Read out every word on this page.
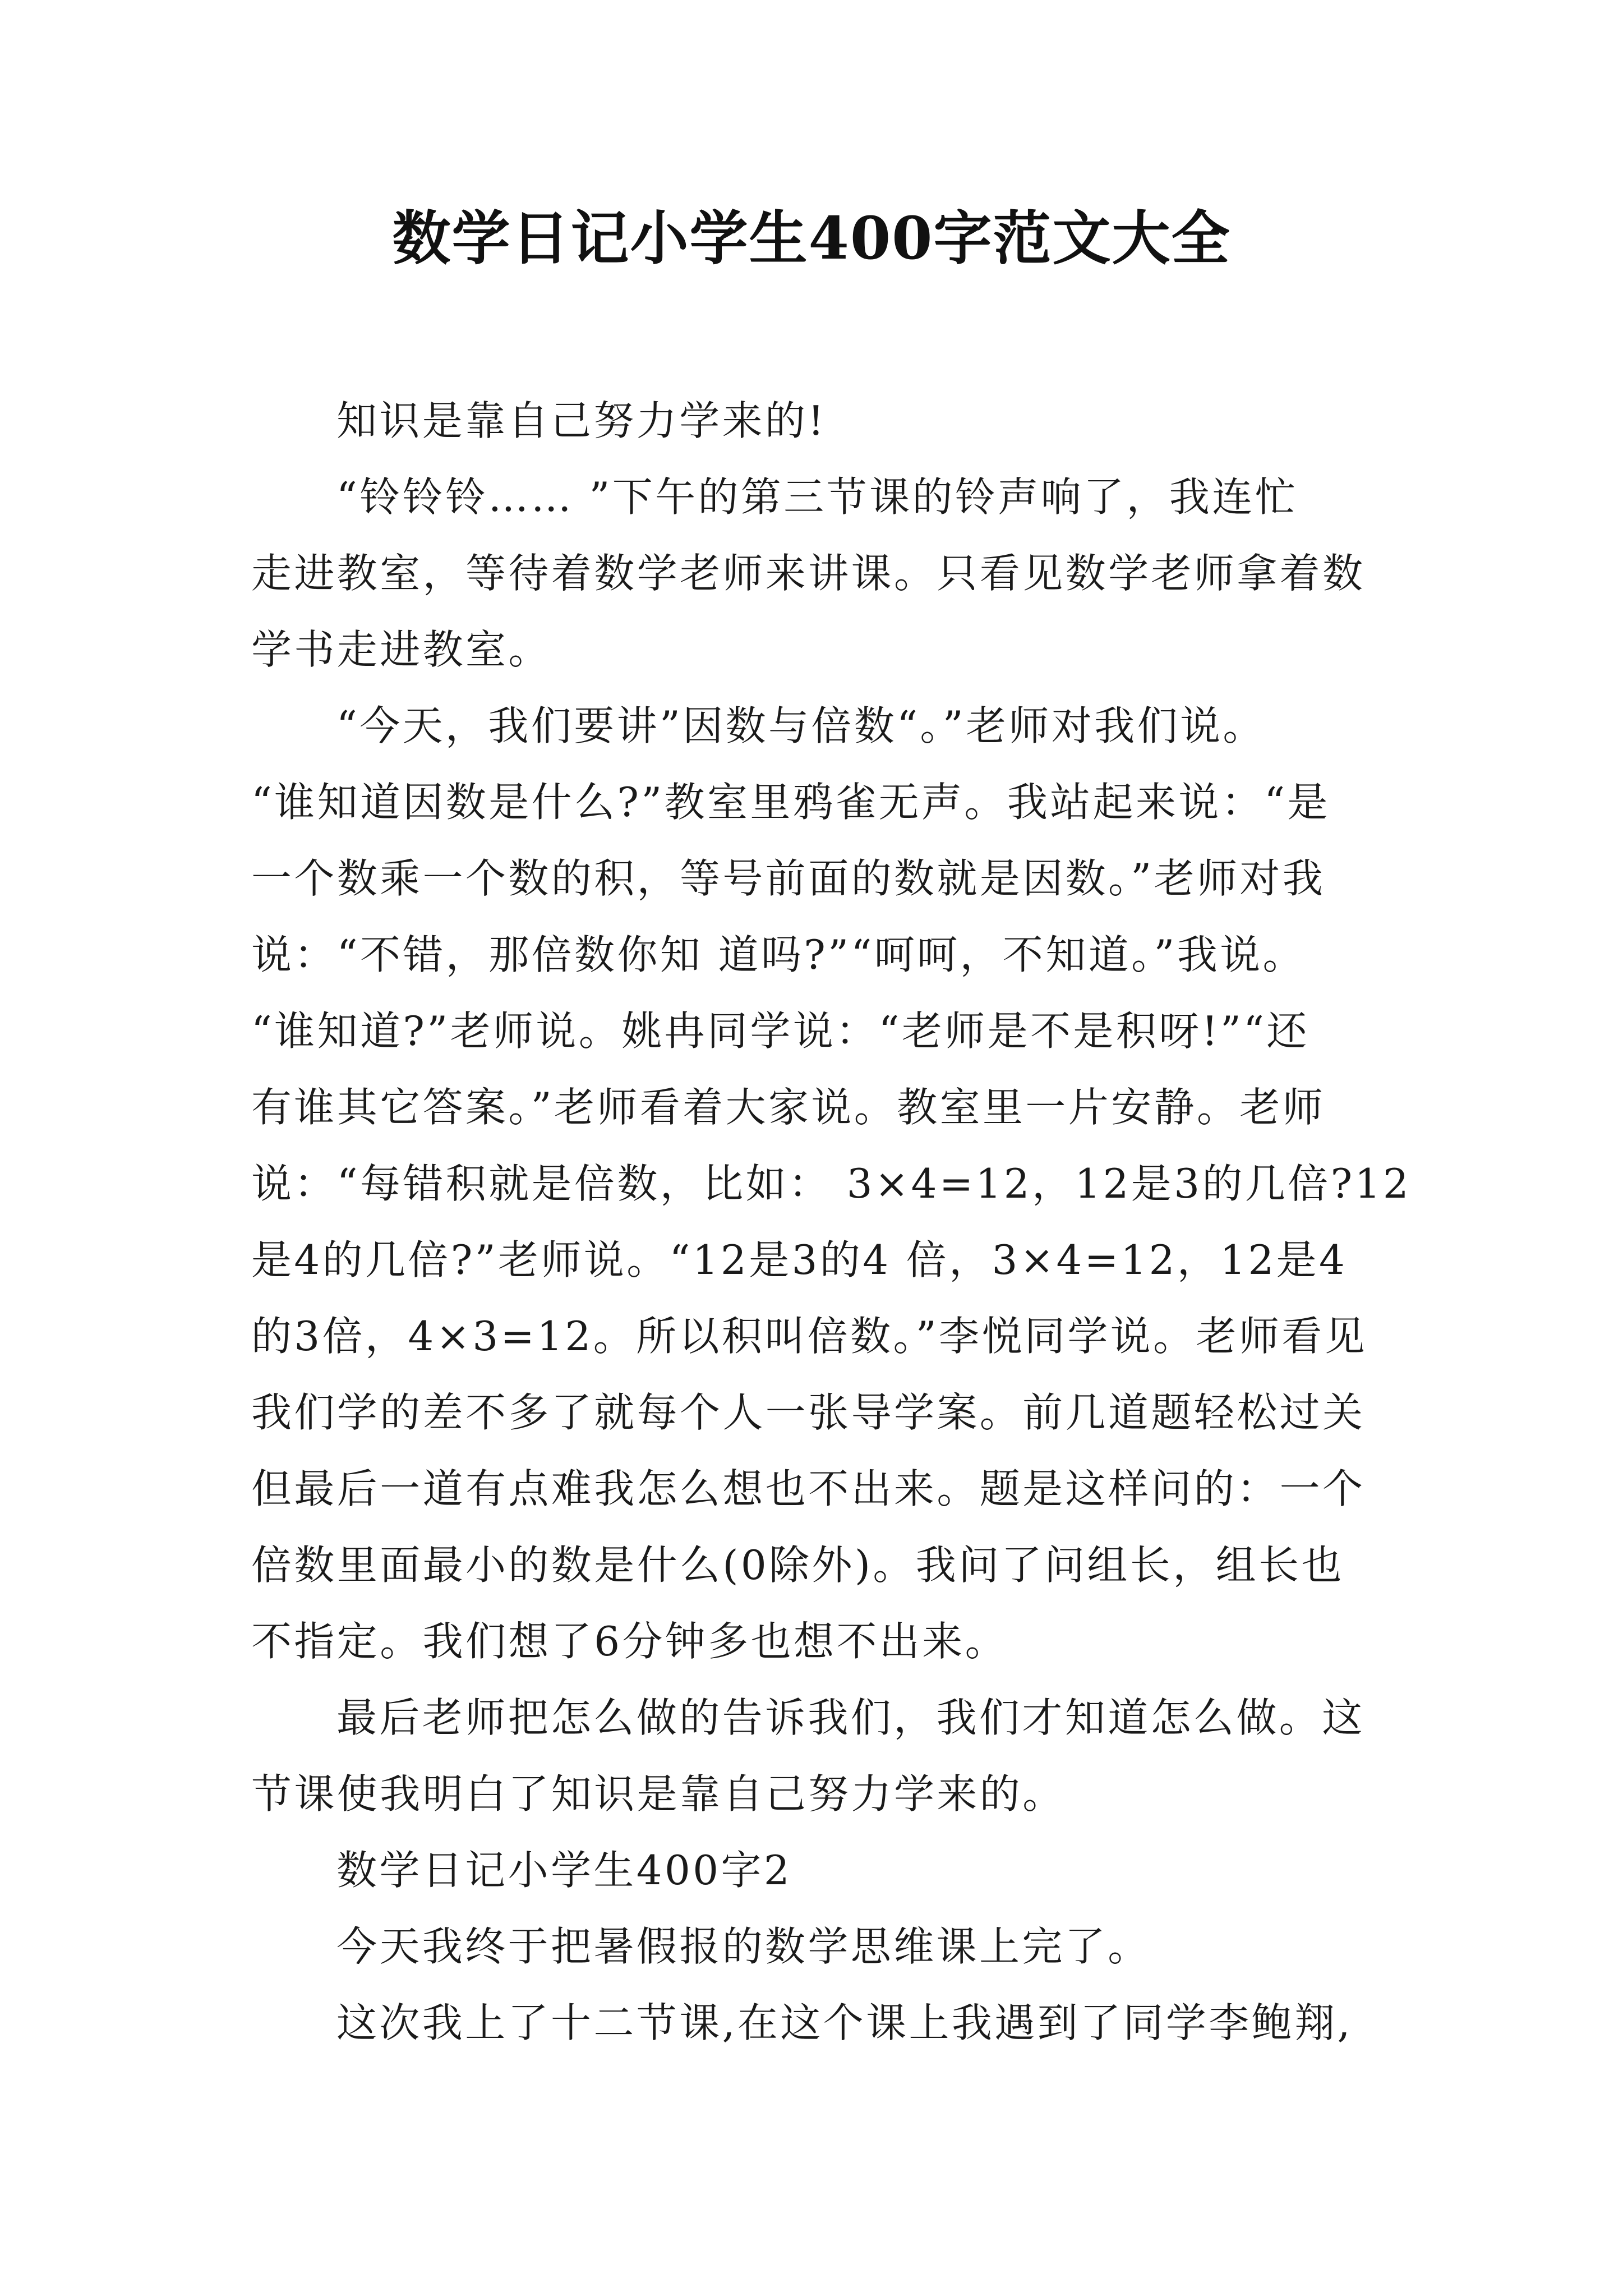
数学日记小学生400字范文大全
知识是靠自己努力学来的!
“铃铃铃…… ”下午的第三节课的铃声响了，我连忙
走进教室，等待着数学老师来讲课。只看见数学老师拿着数
学书走进教室。
“今天，我们要讲”因数与倍数“。”老师对我们说。
“谁知道因数是什么?”教室里鸦雀无声。我站起来说：“是
一个数乘一个数的积，等号前面的数就是因数。”老师对我
说：“不错，那倍数你知 道吗?”“呵呵，不知道。”我说。
“谁知道?”老师说。姚冉同学说：“老师是不是积呀!”“还
有谁其它答案。”老师看着大家说。教室里一片安静。老师
说：“每错积就是倍数，比如： 3×4=12，12是3的几倍?12
是4的几倍?”老师说。“12是3的4 倍，3×4=12，12是4
的3倍，4×3=12。所以积叫倍数。”李悦同学说。老师看见
我们学的差不多了就每个人一张导学案。前几道题轻松过关
但最后一道有点难我怎么想也不出来。题是这样问的：一个
倍数里面最小的数是什么(0除外)。我问了问组长，组长也
不指定。我们想了6分钟多也想不出来。
最后老师把怎么做的告诉我们，我们才知道怎么做。这
节课使我明白了知识是靠自己努力学来的。
数学日记小学生400字2
今天我终于把暑假报的数学思维课上完了。
这次我上了十二节课,在这个课上我遇到了同学李鲍翔,
